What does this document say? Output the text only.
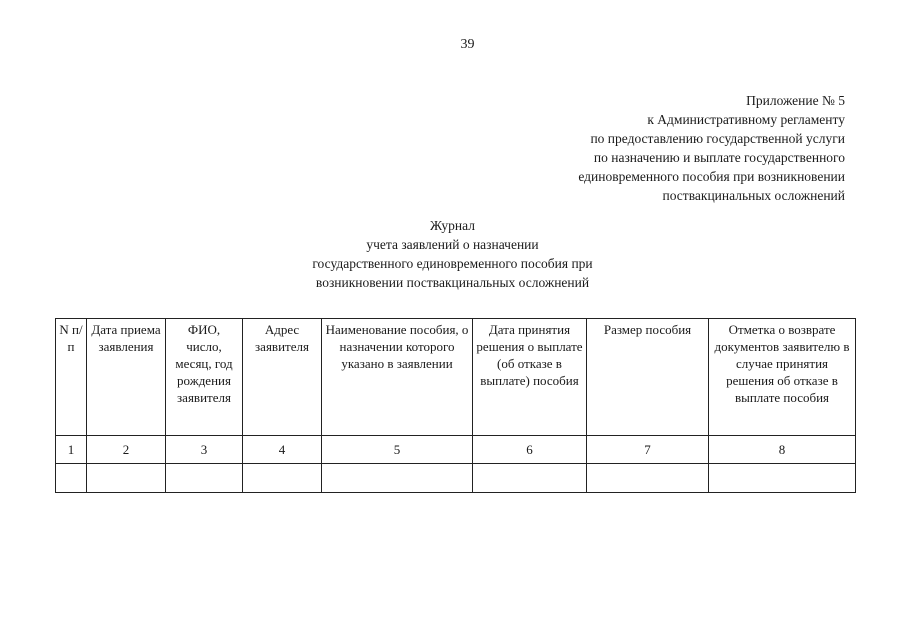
39
Приложение № 5
к Административному регламенту
по предоставлению государственной услуги
по назначению и выплате государственного
единовременного пособия при возникновении
поствакцинальных осложнений
Журнал
учета заявлений о назначении
государственного единовременного пособия при
возникновении поствакцинальных осложнений
N п/п	Дата приема заявления	ФИО, число, месяц, год рождения заявителя	Адрес заявителя	Наименование пособия, о назначении которого указано в заявлении	Дата принятия решения о выплате (об отказе в выплате) пособия	Размер пособия	Отметка о возврате документов заявителю в случае принятия решения об отказе в выплате пособия
1	2	3	4	5	6	7	8
